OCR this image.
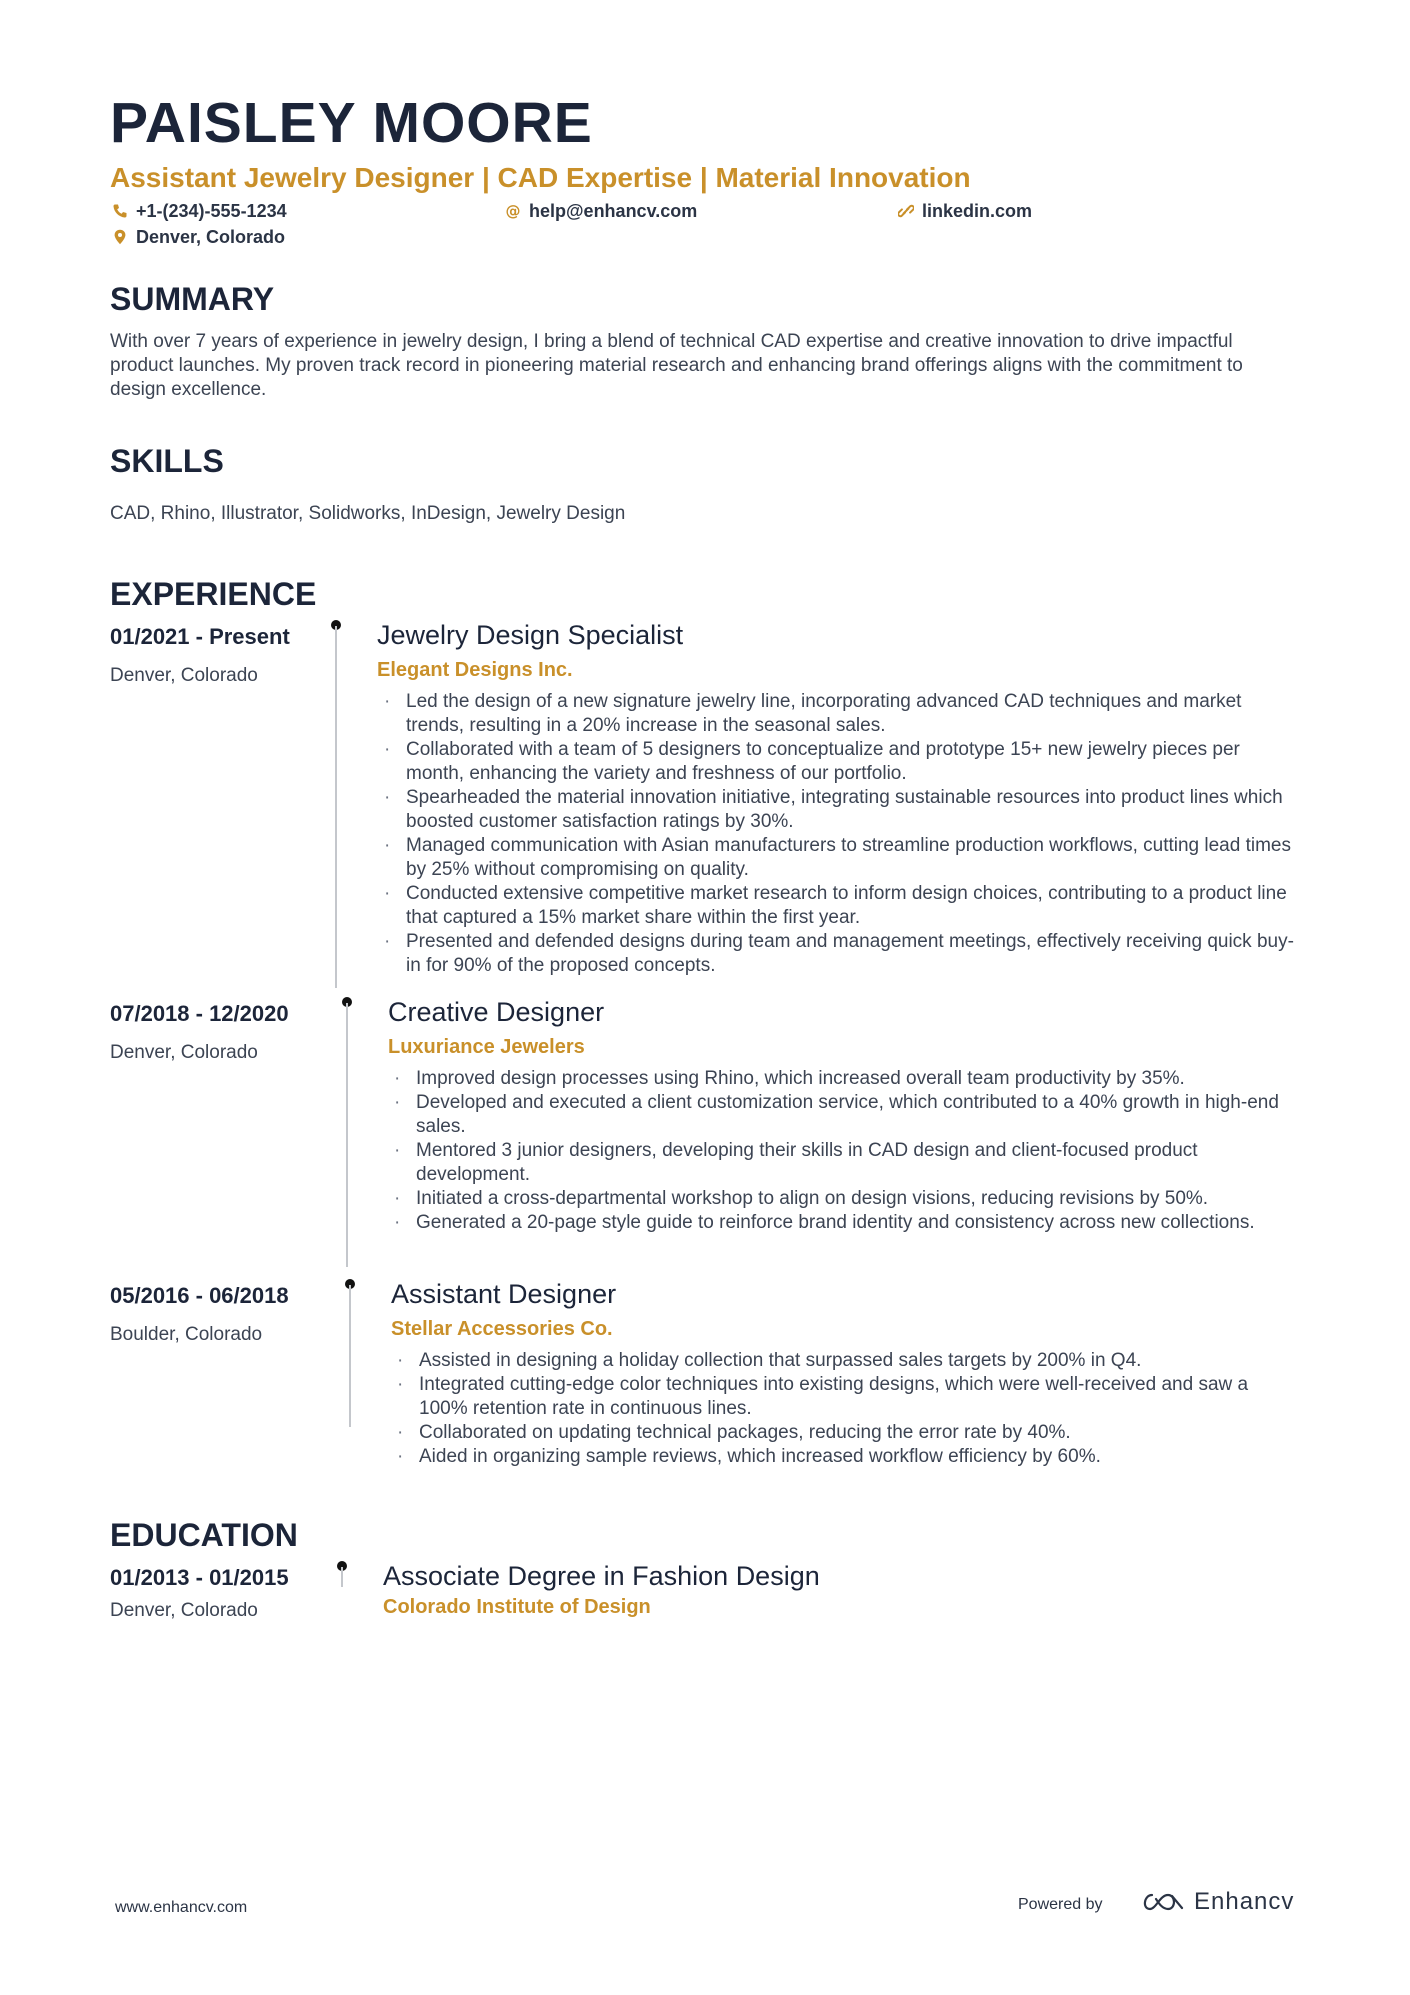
PAISLEY MOORE
Assistant Jewelry Designer | CAD Expertise | Material Innovation
+1-(234)-555-1234	@ help@enhancv.com	linkedin.com
Denver, Colorado
SUMMARY

With over 7 years of experience in jewelry design, I bring a blend of technical CAD expertise and creative innovation to drive impactful product launches. My proven track record in pioneering material research and enhancing brand offerings aligns with the commitment to design excellence.

SKILLS

CAD, Rhino, Illustrator, Solidworks, InDesign, Jewelry Design

EXPERIENCE
01/2021 - Present
Denver, Colorado
Jewelry Design Specialist
Elegant Designs Inc.
· Led the design of a new signature jewelry line, incorporating advanced CAD techniques and market trends, resulting in a 20% increase in the seasonal sales.
· Collaborated with a team of 5 designers to conceptualize and prototype 15+ new jewelry pieces per month, enhancing the variety and freshness of our portfolio.
· Spearheaded the material innovation initiative, integrating sustainable resources into product lines which boosted customer satisfaction ratings by 30%.
· Managed communication with Asian manufacturers to streamline production workflows, cutting lead times by 25% without compromising on quality.
· Conducted extensive competitive market research to inform design choices, contributing to a product line that captured a 15% market share within the first year.
· Presented and defended designs during team and management meetings, effectively receiving quick buy-in for 90% of the proposed concepts.
07/2018 - 12/2020
Denver, Colorado
Creative Designer
Luxuriance Jewelers
· Improved design processes using Rhino, which increased overall team productivity by 35%.
· Developed and executed a client customization service, which contributed to a 40% growth in high-end sales.
· Mentored 3 junior designers, developing their skills in CAD design and client-focused product development.
· Initiated a cross-departmental workshop to align on design visions, reducing revisions by 50%.
· Generated a 20-page style guide to reinforce brand identity and consistency across new collections.
05/2016 - 06/2018
Boulder, Colorado
Assistant Designer
Stellar Accessories Co.
· Assisted in designing a holiday collection that surpassed sales targets by 200% in Q4.
· Integrated cutting-edge color techniques into existing designs, which were well-received and saw a 100% retention rate in continuous lines.
· Collaborated on updating technical packages, reducing the error rate by 40%.
· Aided in organizing sample reviews, which increased workflow efficiency by 60%.
EDUCATION
01/2013 - 01/2015
Denver, Colorado
Associate Degree in Fashion Design
Colorado Institute of Design
www.enhancv.com	Powered by	Enhancv
